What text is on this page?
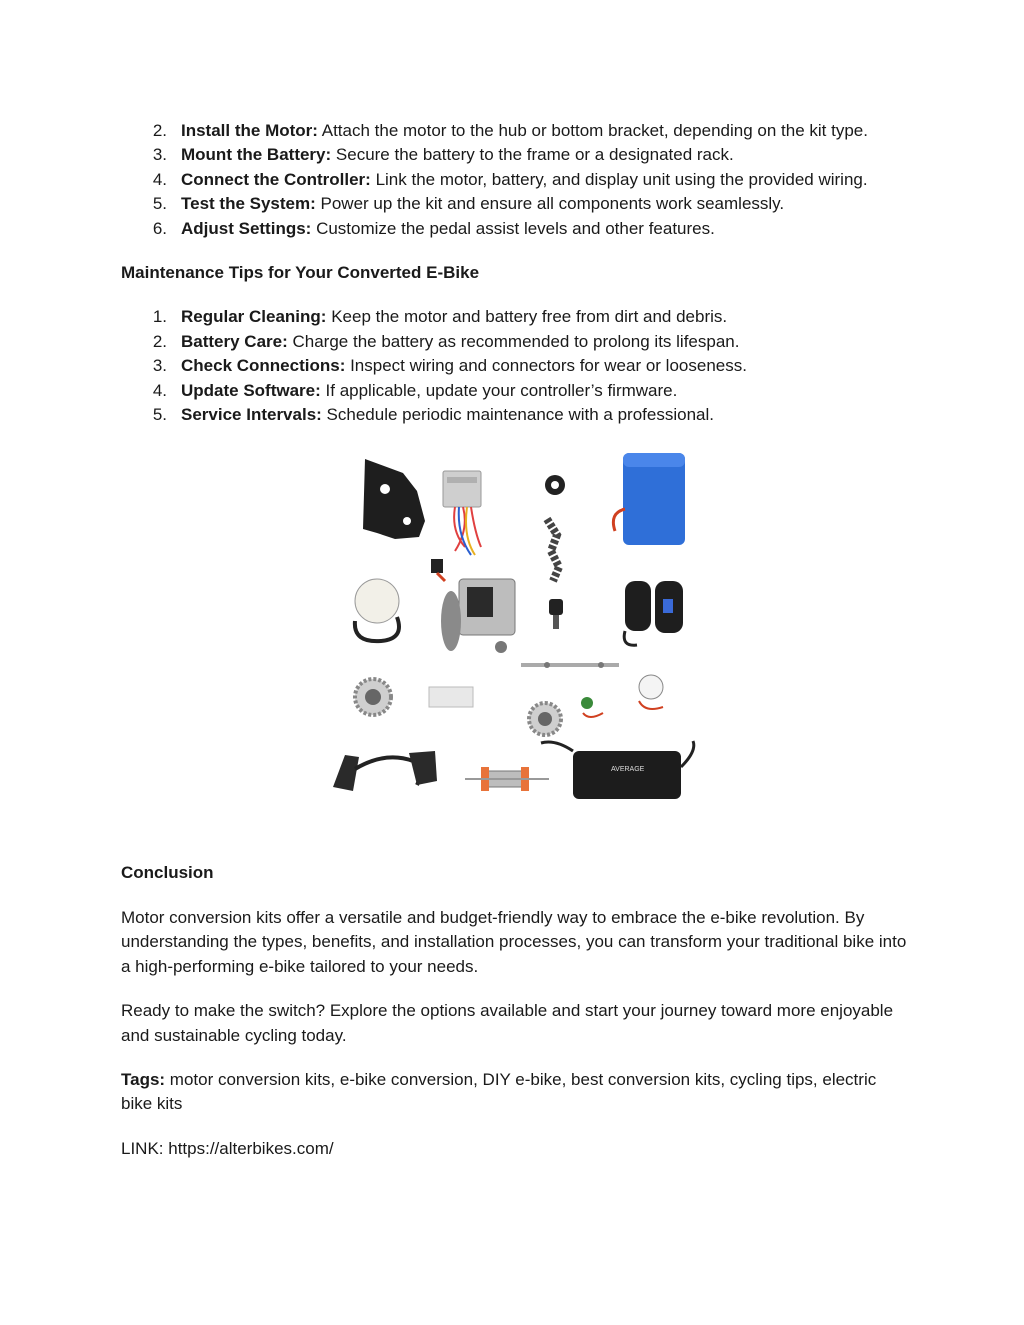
2. Install the Motor: Attach the motor to the hub or bottom bracket, depending on the kit type.
3. Mount the Battery: Secure the battery to the frame or a designated rack.
4. Connect the Controller: Link the motor, battery, and display unit using the provided wiring.
5. Test the System: Power up the kit and ensure all components work seamlessly.
6. Adjust Settings: Customize the pedal assist levels and other features.
Maintenance Tips for Your Converted E-Bike
1. Regular Cleaning: Keep the motor and battery free from dirt and debris.
2. Battery Care: Charge the battery as recommended to prolong its lifespan.
3. Check Connections: Inspect wiring and connectors for wear or looseness.
4. Update Software: If applicable, update your controller’s firmware.
5. Service Intervals: Schedule periodic maintenance with a professional.
AVERAGE
Conclusion

Motor conversion kits offer a versatile and budget-friendly way to embrace the e-bike revolution. By understanding the types, benefits, and installation processes, you can transform your traditional bike into a high-performing e-bike tailored to your needs.

Ready to make the switch? Explore the options available and start your journey toward more enjoyable and sustainable cycling today.

Tags: motor conversion kits, e-bike conversion, DIY e-bike, best conversion kits, cycling tips, electric bike kits

LINK: https://alterbikes.com/
